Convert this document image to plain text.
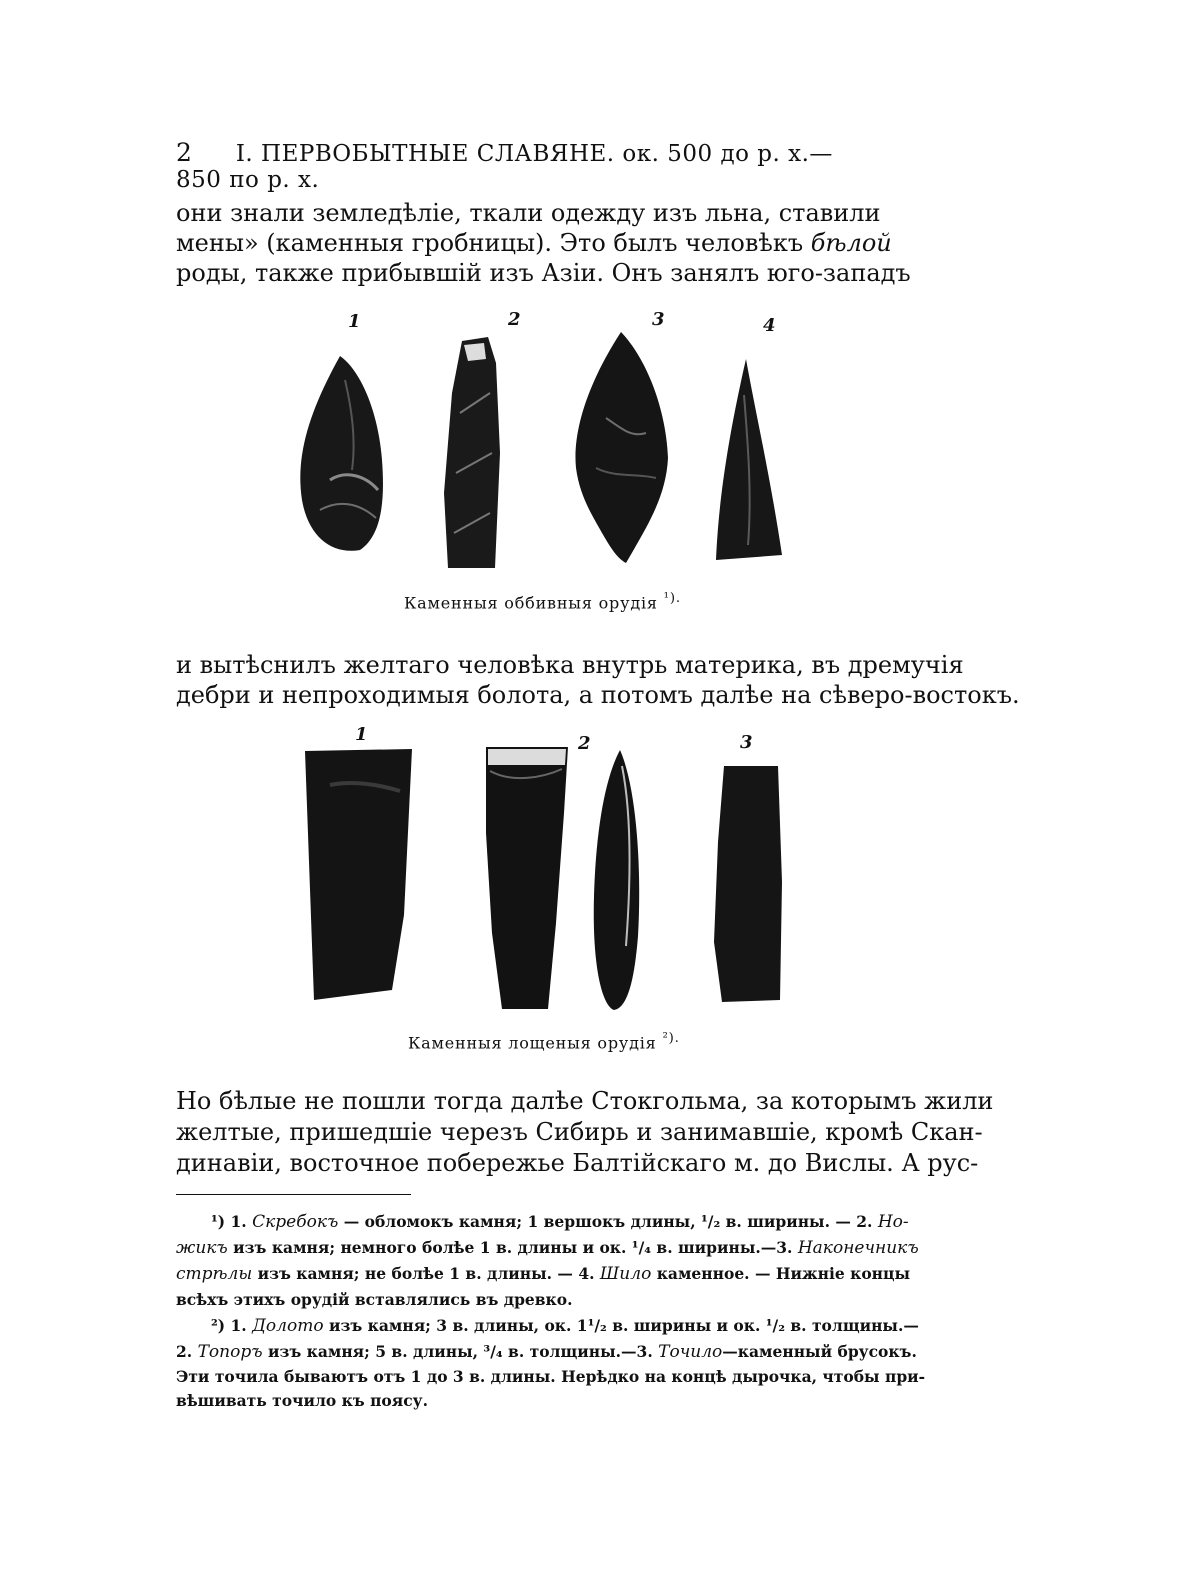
2 I. ПЕРВОБЫТНЫЕ СЛАВЯНЕ. ок. 500 до р. х.—850 по р. х.
они знали земледѣлiе, ткали одежду изъ льна, ставили
мены» (каменныя гробницы). Это былъ человѣкъ бѣлой
роды, также прибывшiй изъ Азiи. Онъ занялъ юго-западъ
1	2	3	4
Каменныя оббивныя орудiя $^{^1).}$
и вытѣснилъ желтаго человѣка внутрь материка, въ дремучiя
дебри и непроходимыя болота, а потомъ далѣе на сѣверо-востокъ.
1	2	3
Каменныя лощеныя орудiя $^{^2).}$
Но бѣлые не пошли тогда далѣе Стокгольма, за которымъ жили
желтые, пришедшiе черезъ Сибирь и занимавшiе, кромѣ Скан-
динавiи, восточное побережье Балтiйскаго м. до Вислы. А рус-
¹) 1. Скребокъ — обломокъ камня; 1 вершокъ длины, ¹/₂ в. ширины. — 2. Но-
жикъ изъ камня; немного болѣе 1 в. длины и ок. ¹/₄ в. ширины.—3. Наконечникъ
стрѣлы изъ камня; не болѣе 1 в. длины. — 4. Шило каменное. — Нижнiе концы
всѣхъ этихъ орудiй вставлялись въ древко.
²) 1. Долото изъ камня; 3 в. длины, ок. 1¹/₂ в. ширины и ок. ¹/₂ в. толщины.—
2. Топоръ изъ камня; 5 в. длины, ³/₄ в. толщины.—3. Точило—каменный брусокъ.
Эти точила бываютъ отъ 1 до 3 в. длины. Нерѣдко на концѣ дырочка, чтобы при-
вѣшивать точило къ поясу.
